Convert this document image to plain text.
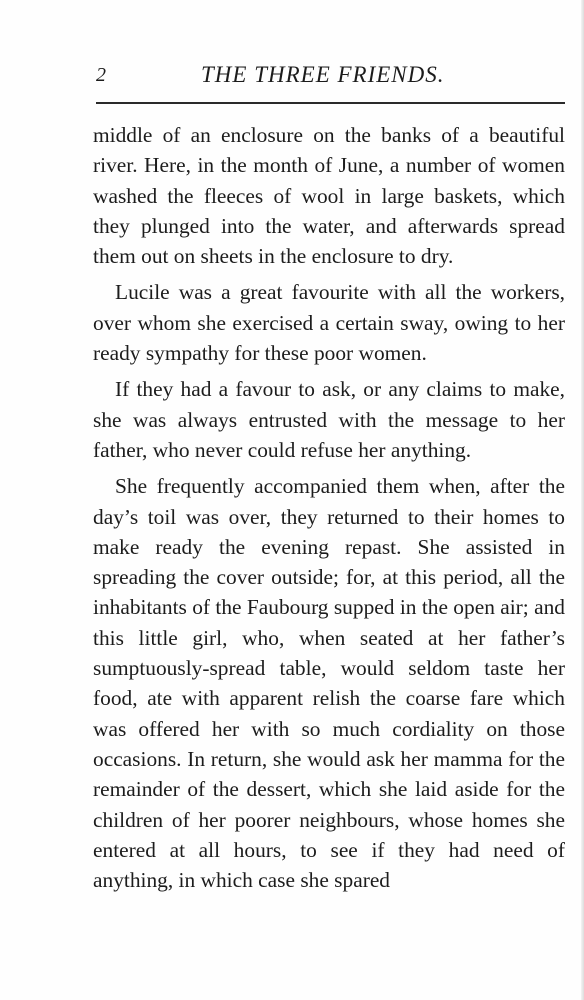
2	THE THREE FRIENDS.

middle of an enclosure on the banks of a beautiful river. Here, in the month of June, a number of women washed the fleeces of wool in large baskets, which they plunged into the water, and afterwards spread them out on sheets in the enclosure to dry.

Lucile was a great favourite with all the workers, over whom she exercised a certain sway, owing to her ready sympathy for these poor women.

If they had a favour to ask, or any claims to make, she was always entrusted with the message to her father, who never could refuse her anything.

She frequently accompanied them when, after the day’s toil was over, they returned to their homes to make ready the evening repast. She assisted in spreading the cover outside; for, at this period, all the inhabitants of the Faubourg supped in the open air; and this little girl, who, when seated at her father’s sumptuously-spread table, would seldom taste her food, ate with apparent relish the coarse fare which was offered her with so much cordiality on those occasions. In return, she would ask her mamma for the remainder of the dessert, which she laid aside for the children of her poorer neighbours, whose homes she entered at all hours, to see if they had need of anything, in which case she spared
